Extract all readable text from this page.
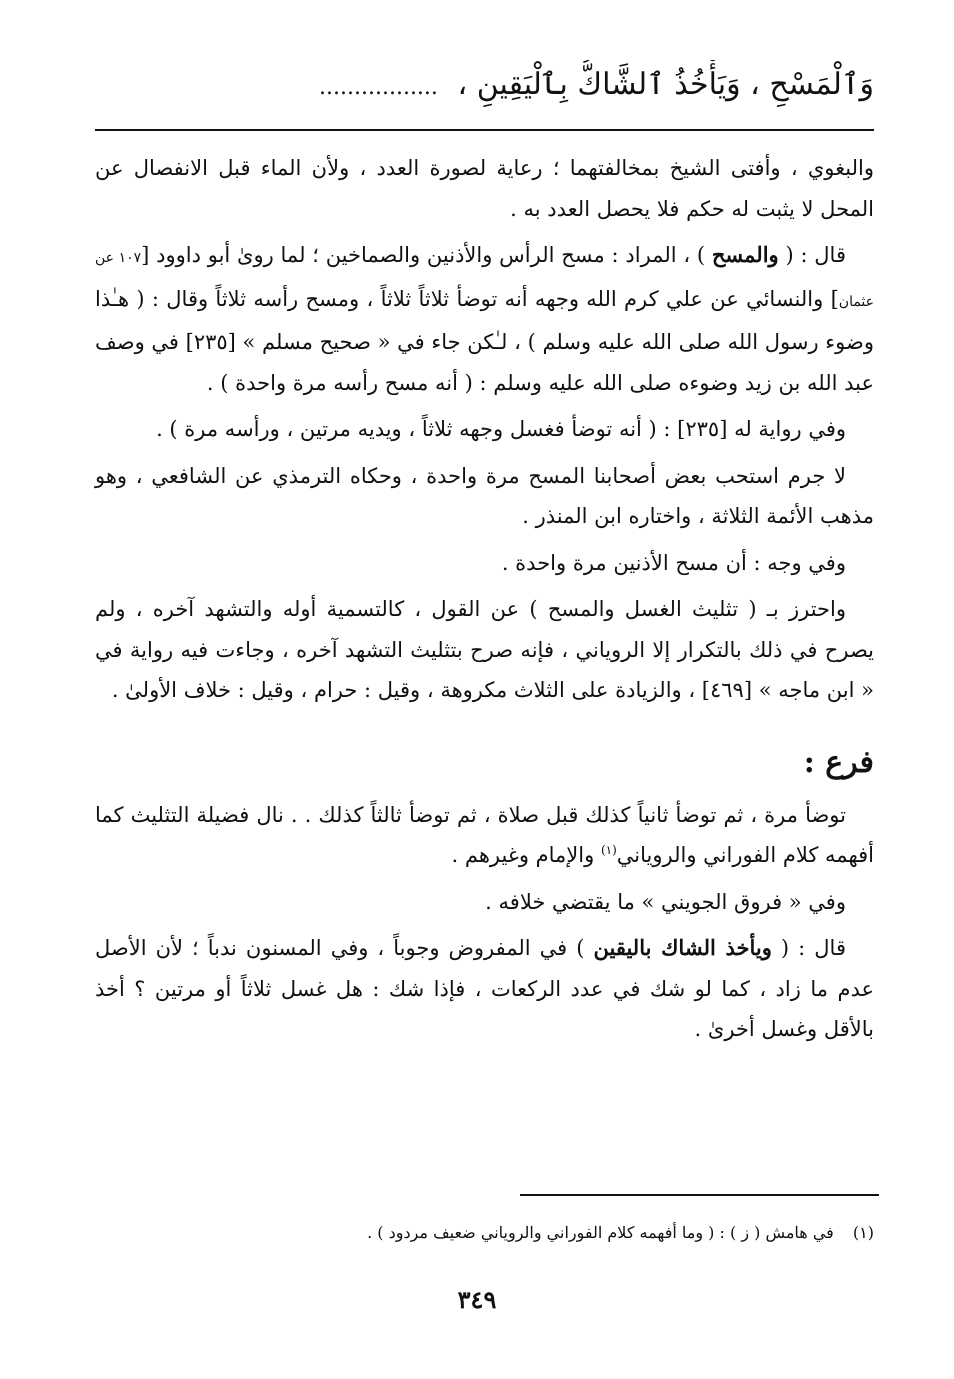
وَٱلْمَسْحِ ، وَيَأْخُذُ ٱلشَّاكُّ بِٱلْيَقِينِ ، .................
والبغوي ، وأفتى الشيخ بمخالفتهما ؛ رعاية لصورة العدد ، ولأن الماء قبل الانفصال عن المحل لا يثبت له حكم فلا يحصل العدد به .
قال : ( والمسح ) ، المراد : مسح الرأس والأذنين والصماخين ؛ لما روىٰ أبو داوود [١٠٧ عن عثمان] والنسائي عن علي كرم الله وجهه أنه توضأ ثلاثاً ثلاثاً ، ومسح رأسه ثلاثاً وقال : ( هـٰذا وضوء رسول الله صلى الله عليه وسلم ) ، لـٰكن جاء في « صحيح مسلم » [٢٣٥] في وصف عبد الله بن زيد وضوءه صلى الله عليه وسلم : ( أنه مسح رأسه مرة واحدة ) .
وفي رواية له [٢٣٥] : ( أنه توضأ فغسل وجهه ثلاثاً ، ويديه مرتين ، ورأسه مرة ) .
لا جرم استحب بعض أصحابنا المسح مرة واحدة ، وحكاه الترمذي عن الشافعي ، وهو مذهب الأئمة الثلاثة ، واختاره ابن المنذر .
وفي وجه : أن مسح الأذنين مرة واحدة .
واحترز بـ ( تثليث الغسل والمسح ) عن القول ، كالتسمية أوله والتشهد آخره ، ولم يصرح في ذلك بالتكرار إلا الروياني ، فإنه صرح بتثليث التشهد آخره ، وجاءت فيه رواية في « ابن ماجه » [٤٦٩] ، والزيادة على الثلاث مكروهة ، وقيل : حرام ، وقيل : خلاف الأولىٰ .
فرع :
توضأ مرة ، ثم توضأ ثانياً كذلك قبل صلاة ، ثم توضأ ثالثاً كذلك . . نال فضيلة التثليث كما أفهمه كلام الفوراني والروياني$^{(١)}$ والإمام وغيرهم .
وفي « فروق الجويني » ما يقتضي خلافه .
قال : ( ويأخذ الشاك باليقين ) في المفروض وجوباً ، وفي المسنون ندباً ؛ لأن الأصل عدم ما زاد ، كما لو شك في عدد الركعات ، فإذا شك : هل غسل ثلاثاً أو مرتين ؟ أخذ بالأقل وغسل أخرىٰ .
(١) في هامش ( ز ) : ( وما أفهمه كلام الفوراني والروياني ضعيف مردود ) .
٣٤٩
